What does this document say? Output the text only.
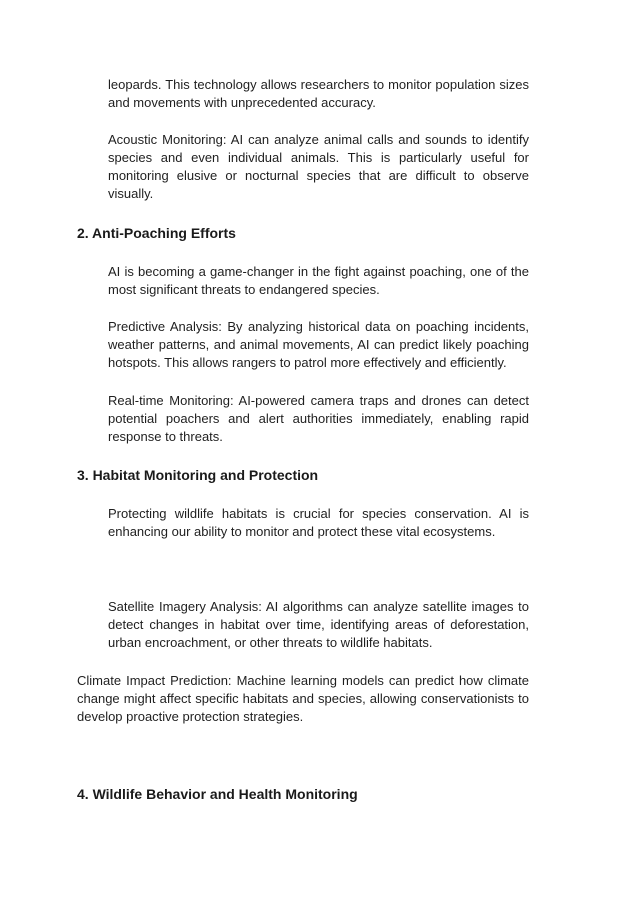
leopards. This technology allows researchers to monitor population sizes and movements with unprecedented accuracy.

Acoustic Monitoring: AI can analyze animal calls and sounds to identify species and even individual animals. This is particularly useful for monitoring elusive or nocturnal species that are difficult to observe visually.

2. Anti-Poaching Efforts

AI is becoming a game-changer in the fight against poaching, one of the most significant threats to endangered species.

Predictive Analysis: By analyzing historical data on poaching incidents, weather patterns, and animal movements, AI can predict likely poaching hotspots. This allows rangers to patrol more effectively and efficiently.

Real-time Monitoring: AI-powered camera traps and drones can detect potential poachers and alert authorities immediately, enabling rapid response to threats.

3. Habitat Monitoring and Protection

Protecting wildlife habitats is crucial for species conservation. AI is enhancing our ability to monitor and protect these vital ecosystems.

Satellite Imagery Analysis: AI algorithms can analyze satellite images to detect changes in habitat over time, identifying areas of deforestation, urban encroachment, or other threats to wildlife habitats.

Climate Impact Prediction: Machine learning models can predict how climate change might affect specific habitats and species, allowing conservationists to develop proactive protection strategies.

4. Wildlife Behavior and Health Monitoring
